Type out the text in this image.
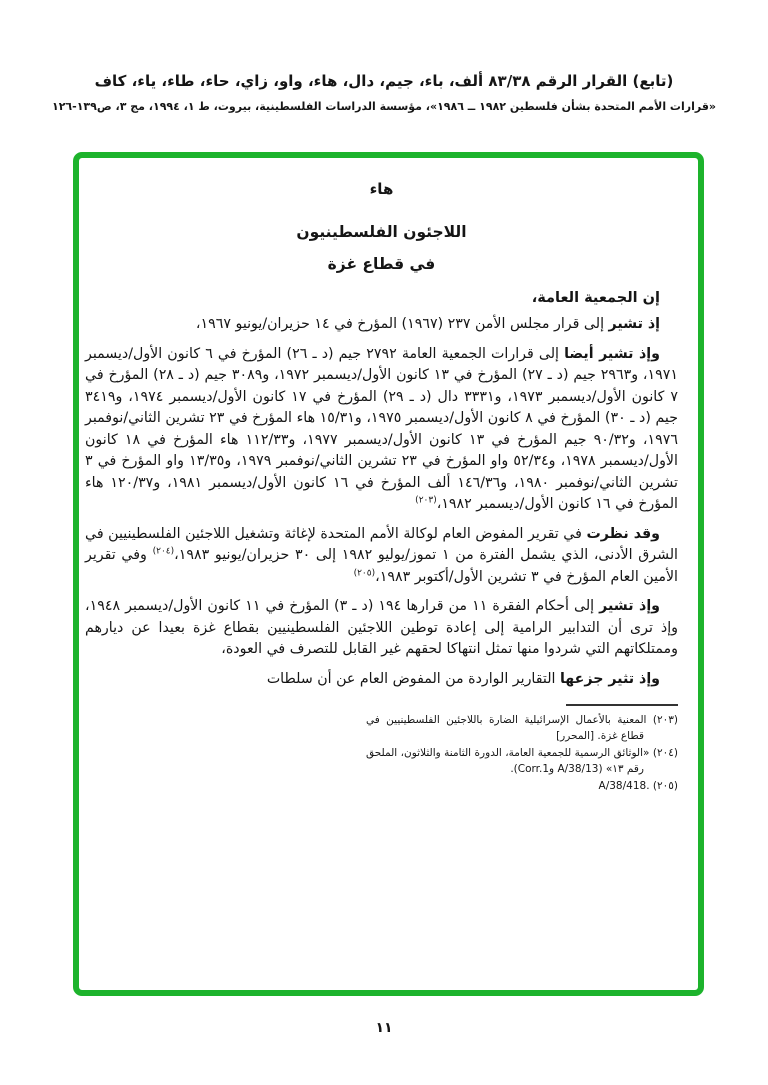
(تابع) القرار الرقم ٨٣/٣٨ ألف، باء، جيم، دال، هاء، واو، زاي، حاء، طاء، ياء، كاف
«قرارات الأمم المتحدة بشأن فلسطين ١٩٨٢ ــ ١٩٨٦»، مؤسسة الدراسات الفلسطينية، بيروت، ط ١، ١٩٩٤، مج ٣، ص١٣٩-١٢٦
هاء
اللاجئون الفلسطينيون
في قطاع غزة
إن الجمعية العامة،

إذ تشير إلى قرار مجلس الأمن ٢٣٧ (١٩٦٧) المؤرخ في ١٤ حزيران/يونيو ١٩٦٧،

وإذ تشير أيضا إلى قرارات الجمعية العامة ٢٧٩٢ جيم (د ـ ٢٦) المؤرخ في ٦ كانون الأول/ديسمبر ١٩٧١، و٢٩٦٣ جيم (د ـ ٢٧) المؤرخ في ١٣ كانون الأول/ديسمبر ١٩٧٢، و٣٠٨٩ جيم (د ـ ٢٨) المؤرخ في ٧ كانون الأول/ديسمبر ١٩٧٣، و٣٣٣١ دال (د ـ ٢٩) المؤرخ في ١٧ كانون الأول/ديسمبر ١٩٧٤، و٣٤١٩ جيم (د ـ ٣٠) المؤرخ في ٨ كانون الأول/ديسمبر ١٩٧٥، و١٥/٣١ هاء المؤرخ في ٢٣ تشرين الثاني/نوفمبر ١٩٧٦، و٩٠/٣٢ جيم المؤرخ في ١٣ كانون الأول/ديسمبر ١٩٧٧، و١١٢/٣٣ هاء المؤرخ في ١٨ كانون الأول/ديسمبر ١٩٧٨، و٥٢/٣٤ واو المؤرخ في ٢٣ تشرين الثاني/نوفمبر ١٩٧٩، و١٣/٣٥ واو المؤرخ في ٣ تشرين الثاني/نوفمبر ١٩٨٠، و١٤٦/٣٦ ألف المؤرخ في ١٦ كانون الأول/ديسمبر ١٩٨١، و١٢٠/٣٧ هاء المؤرخ في ١٦ كانون الأول/ديسمبر ١٩٨٢،$^{(٢٠٣)}$

وقد نظرت في تقرير المفوض العام لوكالة الأمم المتحدة لإغاثة وتشغيل اللاجئين الفلسطينيين في الشرق الأدنى، الذي يشمل الفترة من ١ تموز/يوليو ١٩٨٢ إلى ٣٠ حزيران/يونيو ١٩٨٣،$^{(٢٠٤)}$ وفي تقرير الأمين العام المؤرخ في ٣ تشرين الأول/أكتوبر ١٩٨٣،$^{(٢٠٥)}$

وإذ تشير إلى أحكام الفقرة ١١ من قرارها ١٩٤ (د ـ ٣) المؤرخ في ١١ كانون الأول/ديسمبر ١٩٤٨، وإذ ترى أن التدابير الرامية إلى إعادة توطين اللاجئين الفلسطينيين بقطاع غزة بعيدا عن ديارهم وممتلكاتهم التي شردوا منها تمثل انتهاكا لحقهم غير القابل للتصرف في العودة،

وإذ تثير جزعها التقارير الواردة من المفوض العام عن أن سلطات

(٢٠٣) المعنية بالأعمال الإسرائيلية الضارة باللاجئين الفلسطينيين في قطاع غزة. [المحرر]
(٢٠٤) «الوثائق الرسمية للجمعية العامة، الدورة الثامنة والثلاثون، الملحق رقم ١٣» (A/38/13‎ وCorr.1‎).
(٢٠٥) A/38/418.‎
١١
